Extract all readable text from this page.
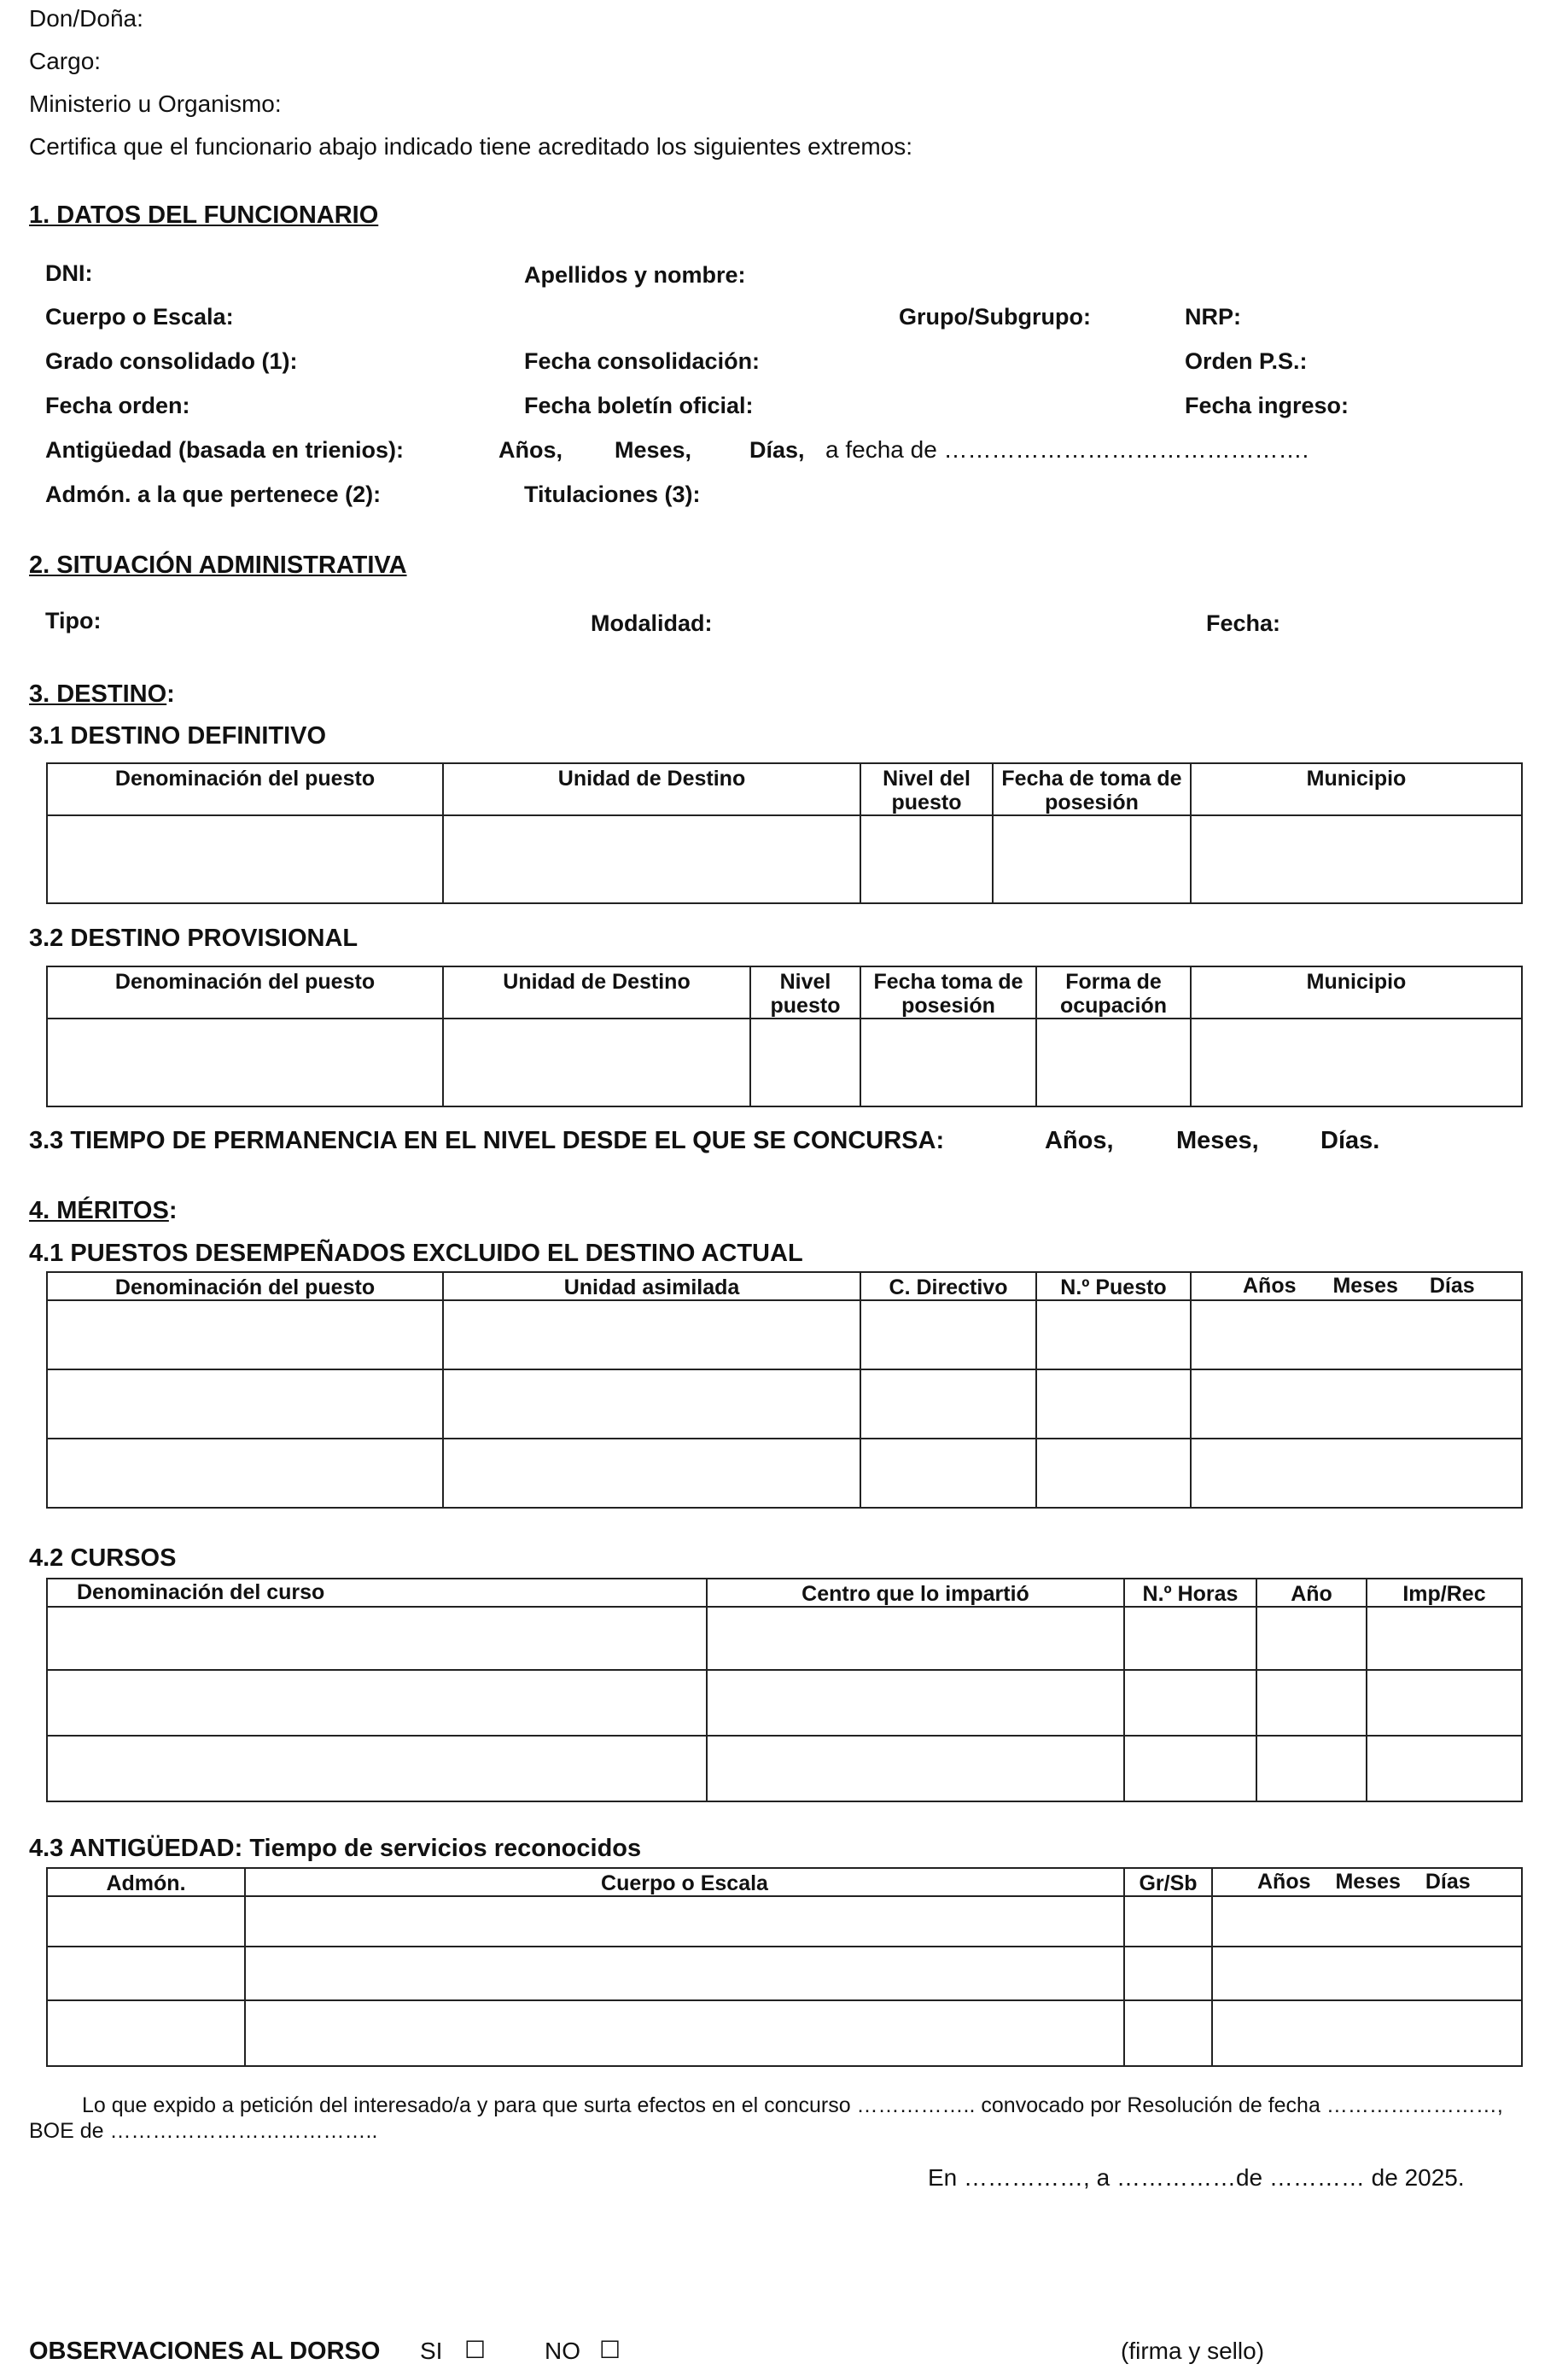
Don/Doña:
Cargo:
Ministerio u Organismo:
Certifica que el funcionario abajo indicado tiene acreditado los siguientes extremos:
1. DATOS DEL FUNCIONARIO
DNI:	Apellidos y nombre:
Cuerpo o Escala:	Grupo/Subgrupo:	NRP:
Grado consolidado (1):	Fecha consolidación:	Orden P.S.:
Fecha orden:	Fecha boletín oficial:	Fecha ingreso:
Antigüedad (basada en trienios):	Años, Meses,	Días, a fecha de ……………………………………….
Admón. a la que pertenece (2):	Titulaciones (3):
2. SITUACIÓN ADMINISTRATIVA
Tipo:	Modalidad:	Fecha:
3. DESTINO:
3.1 DESTINO DEFINITIVO
Denominación del puesto	Unidad de Destino	Nivel del puesto	Fecha de toma de posesión	Municipio

3.2 DESTINO PROVISIONAL
Denominación del puesto	Unidad de Destino	Nivel puesto	Fecha toma de posesión	Forma de ocupación	Municipio

3.3 TIEMPO DE PERMANENCIA EN EL NIVEL DESDE EL QUE SE CONCURSA:	Años,	Meses, Días.
4. MÉRITOS:
4.1 PUESTOS DESEMPEÑADOS EXCLUIDO EL DESTINO ACTUAL
Denominación del puesto	Unidad asimilada	C. Directivo	N.º Puesto	Años Meses Días

4.2 CURSOS
Denominación del curso	Centro que lo impartió	N.º Horas	Año	Imp/Rec

4.3 ANTIGÜEDAD: Tiempo de servicios reconocidos
Admón.	Cuerpo o Escala	Gr/Sb	Años Meses Días

Lo que expido a petición del interesado/a y para que surta efectos en el concurso …………….. convocado por Resolución de fecha ……………………,
BOE de ………………………………..
En ……………, a ……………de ………… de 2025.
OBSERVACIONES AL DORSO SI ☐ NO ☐	(firma y sello)
